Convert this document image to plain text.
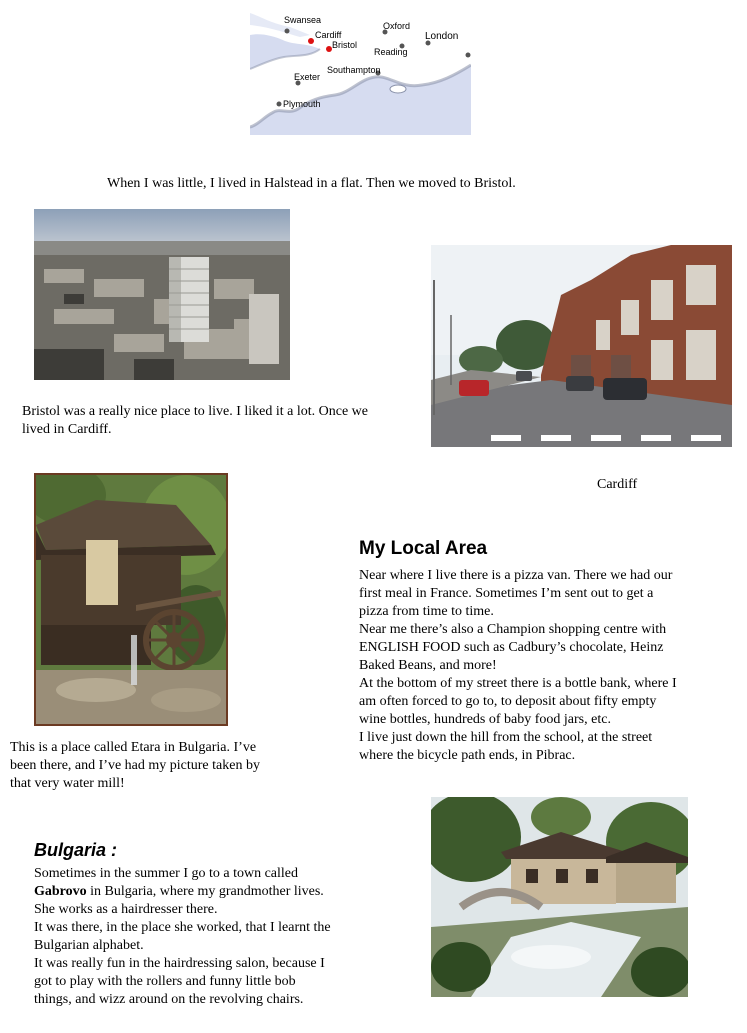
Swansea
Cardiff
Bristol
Oxford
Reading
London
Southampton
Exeter
Plymouth
When I was little, I lived in Halstead in a flat. Then we moved to Bristol.
Bristol was a really nice place to live. I liked it a lot. Once we
lived in Cardiff.
Cardiff
My Local Area
Near where I live there is a pizza van. There we had our
first meal in France. Sometimes I’m sent out to get a
pizza from time to time.
Near me there’s also a Champion shopping centre with
ENGLISH FOOD such as Cadbury’s chocolate, Heinz
Baked Beans, and more!
At the bottom of my street there is a bottle bank, where I
am often forced to go to, to deposit about fifty empty
wine bottles, hundreds of baby food jars, etc.
I live just down the hill from the school, at the street
where the bicycle path ends, in Pibrac.
This is a place called Etara in Bulgaria. I’ve
been there, and I’ve had my picture taken by
that very water mill!
Bulgaria :
Sometimes in the summer I go to a town called
Gabrovo in Bulgaria, where my grandmother lives.
She works as a hairdresser there.
It was there, in the place she worked, that I learnt the
Bulgarian alphabet.
It was really fun in the hairdressing salon, because I
got to play with the rollers and funny little bob
things, and wizz around on the revolving chairs.
